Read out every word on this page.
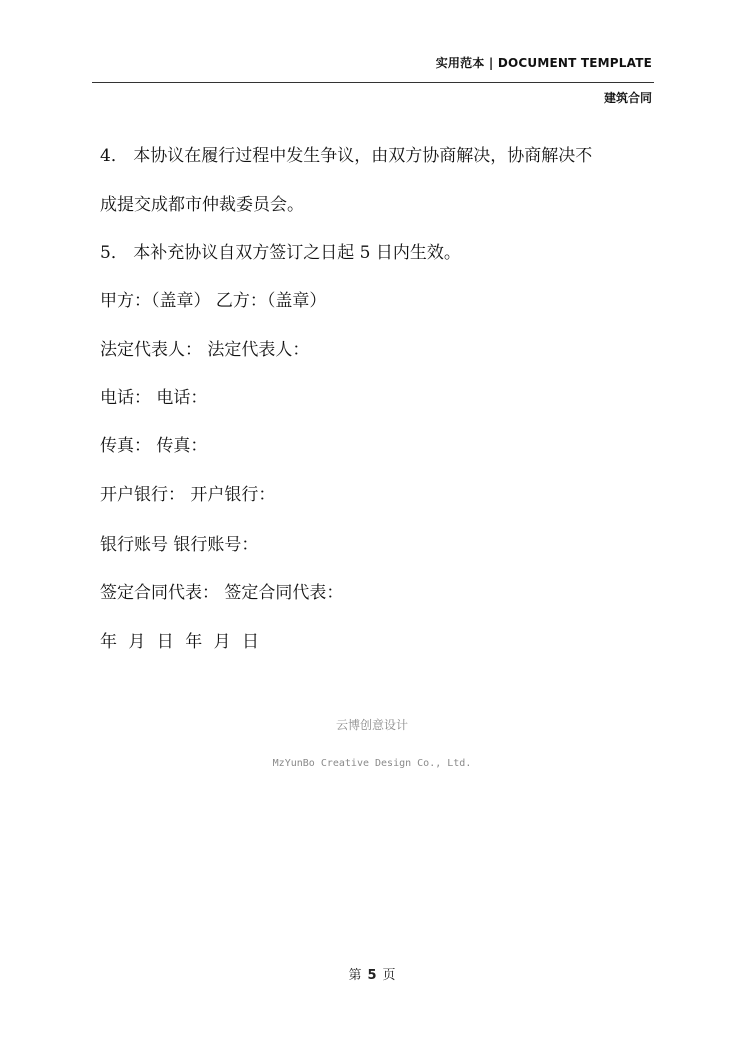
实用范本 | DOCUMENT TEMPLATE
建筑合同
4． 本协议在履行过程中发生争议，由双方协商解决，协商解决不
成提交成都市仲裁委员会。
5． 本补充协议自双方签订之日起 5 日内生效。
甲方：（盖章） 乙方：（盖章）
法定代表人： 法定代表人：
电话： 电话：
传真： 传真：
开户银行： 开户银行：
银行账号 银行账号：
签定合同代表： 签定合同代表：
年 月 日 年 月 日
云博创意设计
MzYunBo Creative Design Co., Ltd.
第 5 页
